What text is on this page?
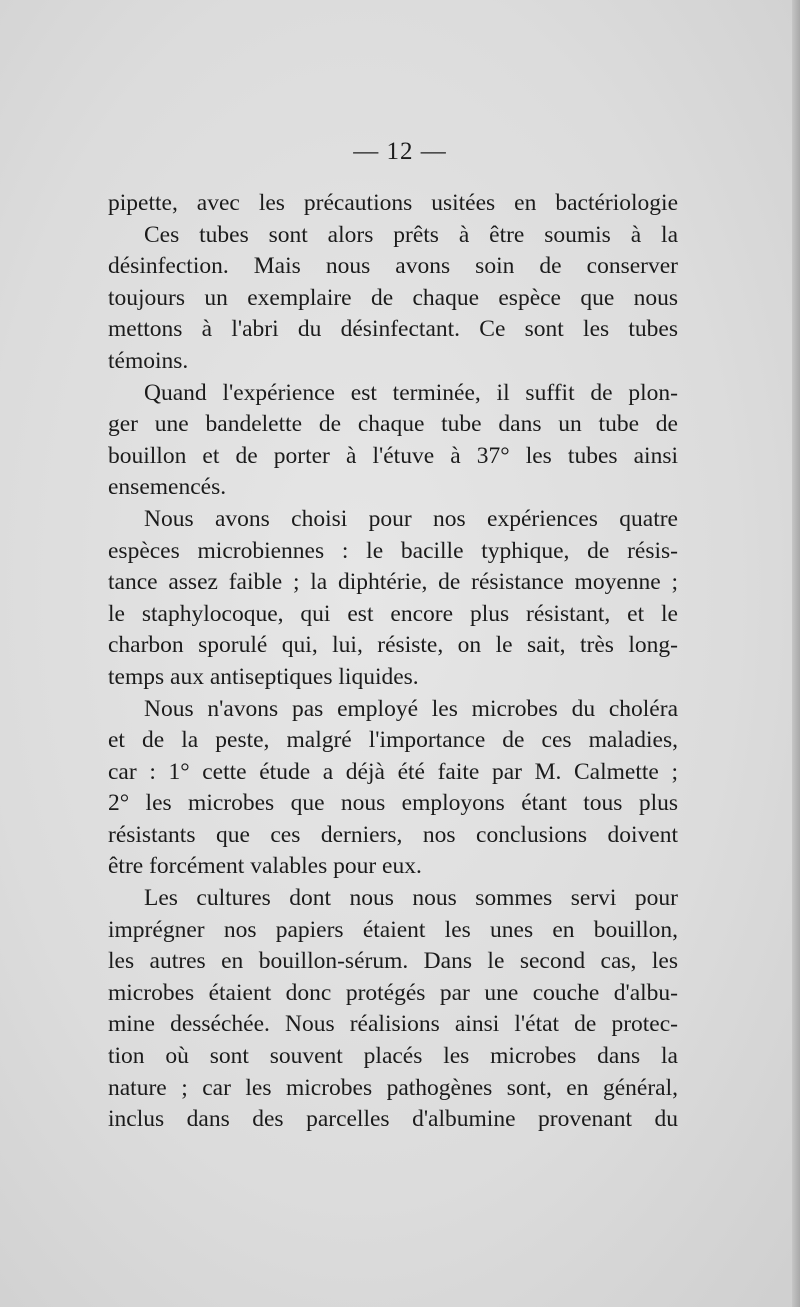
— 12 —
pipette, avec les précautions usitées en bactériologie
Ces tubes sont alors prêts à être soumis à la
désinfection. Mais nous avons soin de conserver
toujours un exemplaire de chaque espèce que nous
mettons à l'abri du désinfectant. Ce sont les tubes
témoins.
Quand l'expérience est terminée, il suffit de plon-
ger une bandelette de chaque tube dans un tube de
bouillon et de porter à l'étuve à 37° les tubes ainsi
ensemencés.
Nous avons choisi pour nos expériences quatre
espèces microbiennes : le bacille typhique, de résis-
tance assez faible ; la diphtérie, de résistance moyenne ;
le staphylocoque, qui est encore plus résistant, et le
charbon sporulé qui, lui, résiste, on le sait, très long-
temps aux antiseptiques liquides.
Nous n'avons pas employé les microbes du choléra
et de la peste, malgré l'importance de ces maladies,
car : 1° cette étude a déjà été faite par M. Calmette ;
2° les microbes que nous employons étant tous plus
résistants que ces derniers, nos conclusions doivent
être forcément valables pour eux.
Les cultures dont nous nous sommes servi pour
imprégner nos papiers étaient les unes en bouillon,
les autres en bouillon-sérum. Dans le second cas, les
microbes étaient donc protégés par une couche d'albu-
mine desséchée. Nous réalisions ainsi l'état de protec-
tion où sont souvent placés les microbes dans la
nature ; car les microbes pathogènes sont, en général,
inclus dans des parcelles d'albumine provenant du
